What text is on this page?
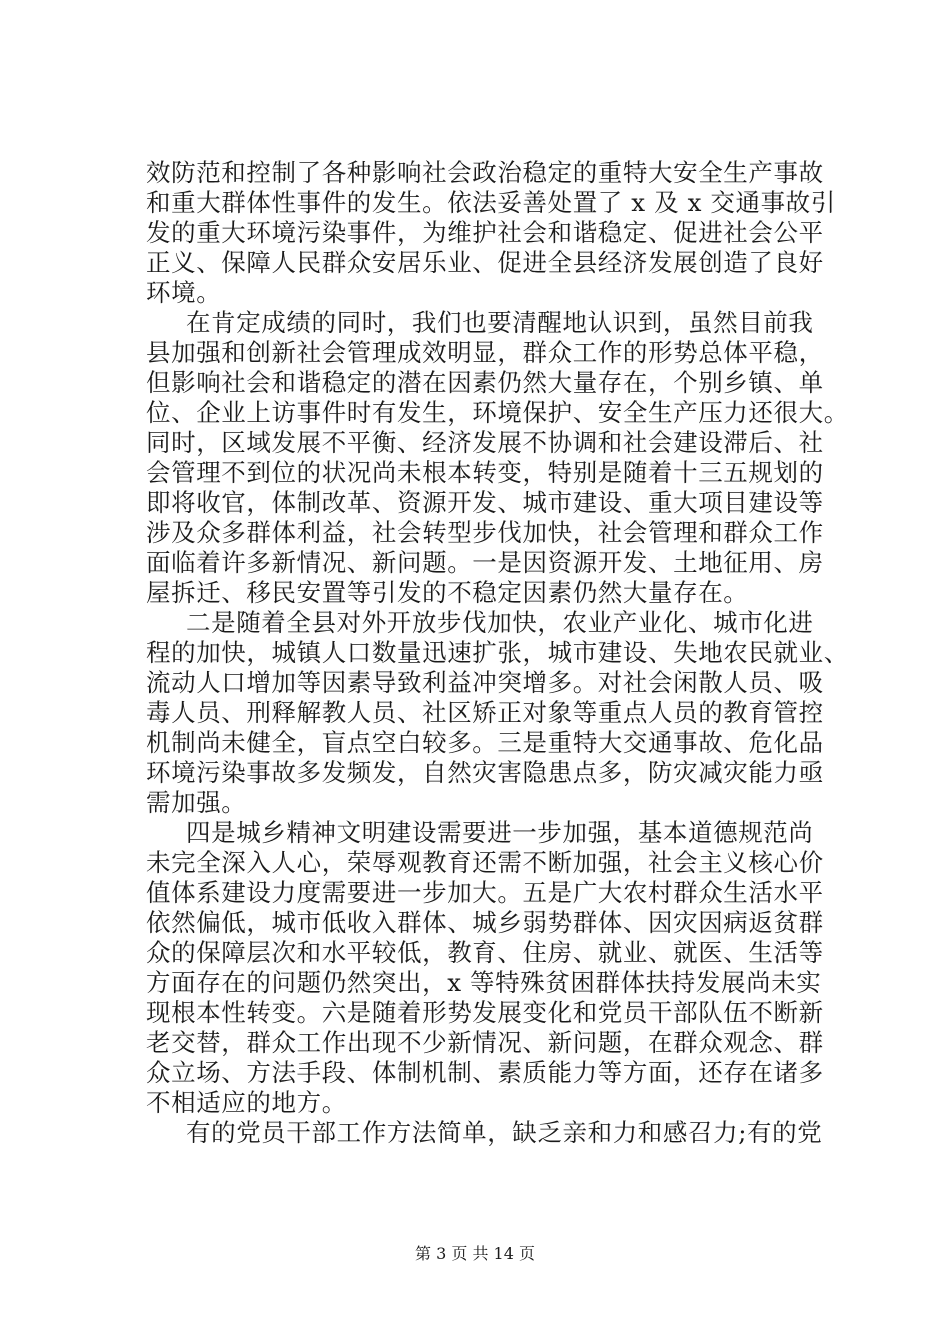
效防范和控制了各种影响社会政治稳定的重特大安全生产事故
和重大群体性事件的发生。依法妥善处置了 x 及 x 交通事故引
发的重大环境污染事件，为维护社会和谐稳定、促进社会公平
正义、保障人民群众安居乐业、促进全县经济发展创造了良好
环境。
在肯定成绩的同时，我们也要清醒地认识到，虽然目前我
县加强和创新社会管理成效明显，群众工作的形势总体平稳，
但影响社会和谐稳定的潜在因素仍然大量存在，个别乡镇、单
位、企业上访事件时有发生，环境保护、安全生产压力还很大。
同时，区域发展不平衡、经济发展不协调和社会建设滞后、社
会管理不到位的状况尚未根本转变，特别是随着十三五规划的
即将收官，体制改革、资源开发、城市建设、重大项目建设等
涉及众多群体利益，社会转型步伐加快，社会管理和群众工作
面临着许多新情况、新问题。一是因资源开发、土地征用、房
屋拆迁、移民安置等引发的不稳定因素仍然大量存在。
二是随着全县对外开放步伐加快，农业产业化、城市化进
程的加快，城镇人口数量迅速扩张，城市建设、失地农民就业、
流动人口增加等因素导致利益冲突增多。对社会闲散人员、吸
毒人员、刑释解教人员、社区矫正对象等重点人员的教育管控
机制尚未健全，盲点空白较多。三是重特大交通事故、危化品
环境污染事故多发频发，自然灾害隐患点多，防灾减灾能力亟
需加强。
四是城乡精神文明建设需要进一步加强，基本道德规范尚
未完全深入人心，荣辱观教育还需不断加强，社会主义核心价
值体系建设力度需要进一步加大。五是广大农村群众生活水平
依然偏低，城市低收入群体、城乡弱势群体、因灾因病返贫群
众的保障层次和水平较低，教育、住房、就业、就医、生活等
方面存在的问题仍然突出，x 等特殊贫困群体扶持发展尚未实
现根本性转变。六是随着形势发展变化和党员干部队伍不断新
老交替，群众工作出现不少新情况、新问题，在群众观念、群
众立场、方法手段、体制机制、素质能力等方面，还存在诸多
不相适应的地方。
有的党员干部工作方法简单，缺乏亲和力和感召力;有的党
第 3 页 共 14 页
